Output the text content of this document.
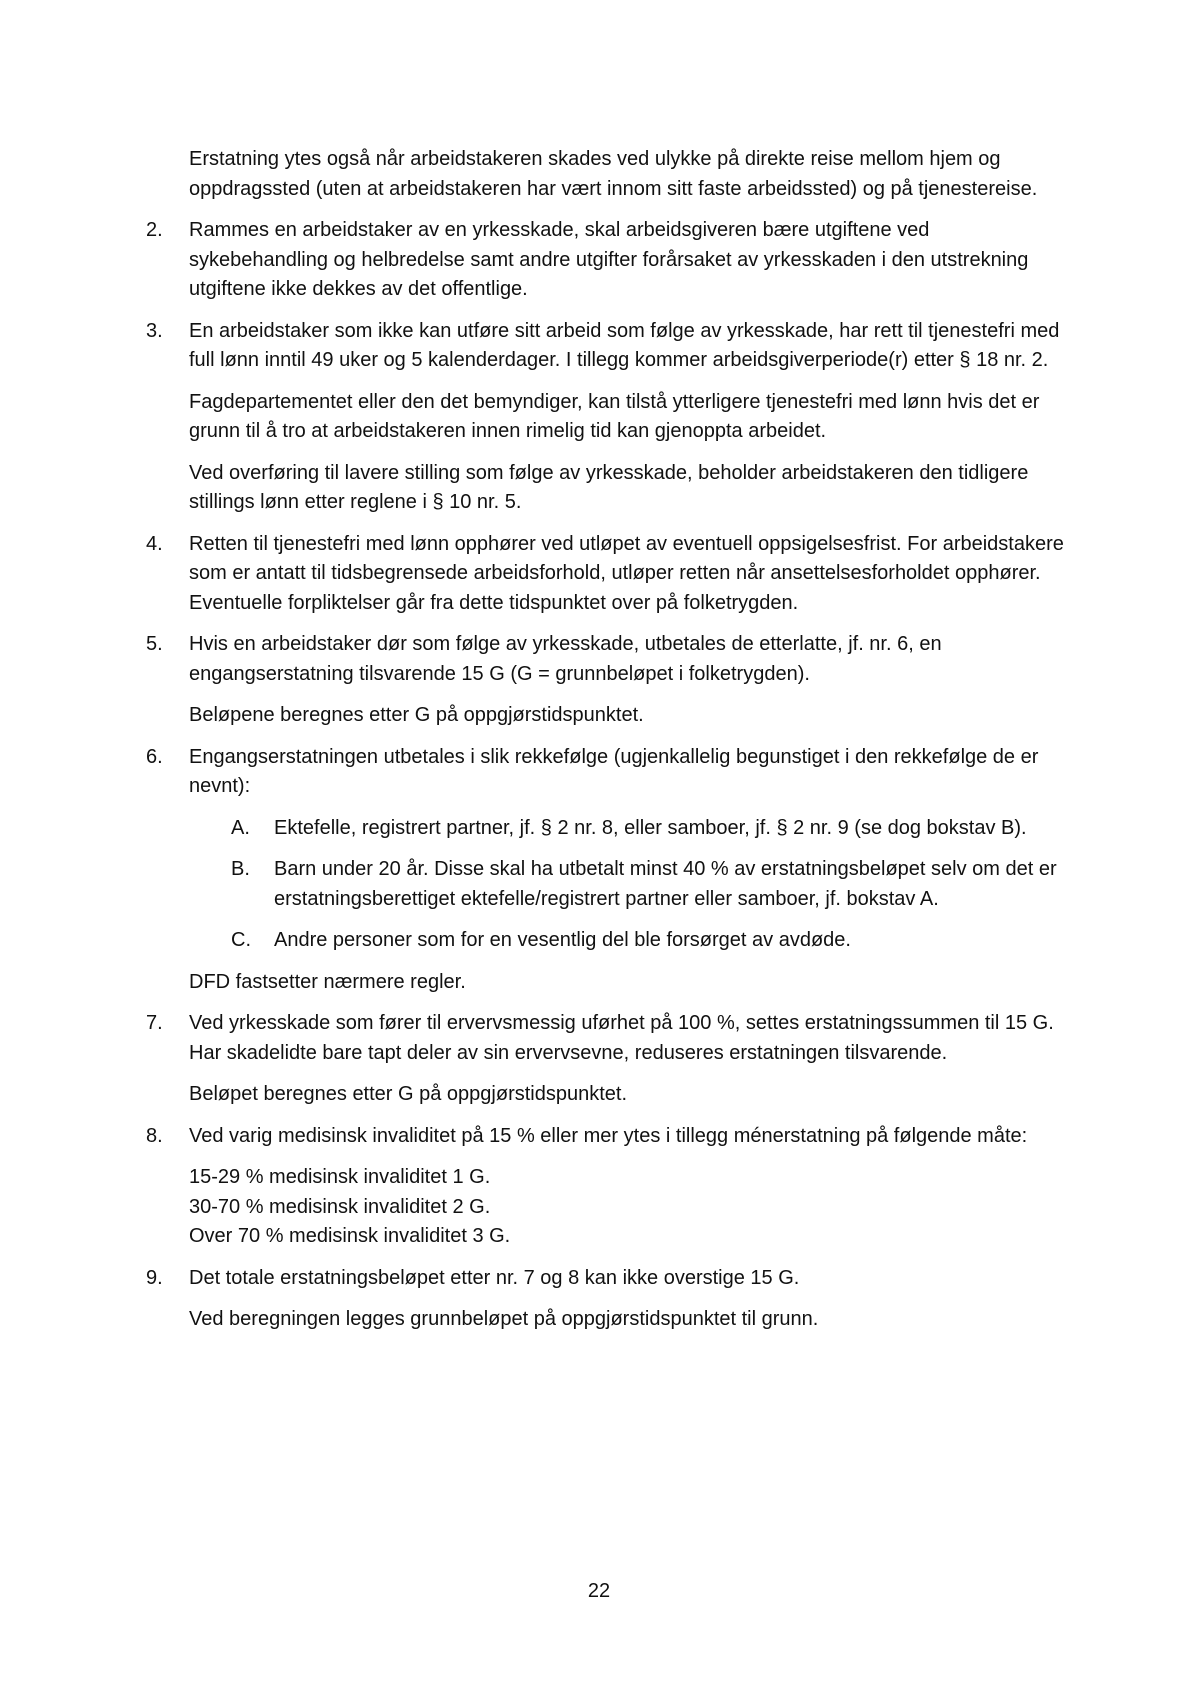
Erstatning ytes også når arbeidstakeren skades ved ulykke på direkte reise mellom hjem og oppdragssted (uten at arbeidstakeren har vært innom sitt faste arbeidssted) og på tjenestereise.
2.	Rammes en arbeidstaker av en yrkesskade, skal arbeidsgiveren bære utgiftene ved sykebehandling og helbredelse samt andre utgifter forårsaket av yrkesskaden i den utstrekning utgiftene ikke dekkes av det offentlige.
3.	En arbeidstaker som ikke kan utføre sitt arbeid som følge av yrkesskade, har rett til tjenestefri med full lønn inntil 49 uker og 5 kalenderdager. I tillegg kommer arbeidsgiverperiode(r) etter § 18 nr. 2.
Fagdepartementet eller den det bemyndiger, kan tilstå ytterligere tjenestefri med lønn hvis det er grunn til å tro at arbeidstakeren innen rimelig tid kan gjenoppta arbeidet.
Ved overføring til lavere stilling som følge av yrkesskade, beholder arbeidstakeren den tidligere stillings lønn etter reglene i § 10 nr. 5.
4.	Retten til tjenestefri med lønn opphører ved utløpet av eventuell oppsigelsesfrist. For arbeidstakere som er antatt til tidsbegrensede arbeidsforhold, utløper retten når ansettelsesforholdet opphører. Eventuelle forpliktelser går fra dette tidspunktet over på folketrygden.
5.	Hvis en arbeidstaker dør som følge av yrkesskade, utbetales de etterlatte, jf. nr. 6, en engangserstatning tilsvarende 15 G (G = grunnbeløpet i folketrygden).
Beløpene beregnes etter G på oppgjørstidspunktet.
6.	Engangserstatningen utbetales i slik rekkefølge (ugjenkallelig begunstiget i den rekkefølge de er nevnt):
A.	Ektefelle, registrert partner, jf. § 2 nr. 8, eller samboer, jf. § 2 nr. 9 (se dog bokstav B).
B.	Barn under 20 år. Disse skal ha utbetalt minst 40 % av erstatningsbeløpet selv om det er erstatningsberettiget ektefelle/registrert partner eller samboer, jf. bokstav A.
C.	Andre personer som for en vesentlig del ble forsørget av avdøde.
DFD fastsetter nærmere regler.
7.	Ved yrkesskade som fører til ervervsmessig uførhet på 100 %, settes erstatningssummen til 15 G. Har skadelidte bare tapt deler av sin ervervsevne, reduseres erstatningen tilsvarende.
Beløpet beregnes etter G på oppgjørstidspunktet.
8.	Ved varig medisinsk invaliditet på 15 % eller mer ytes i tillegg ménerstatning på følgende måte:
15-29 % medisinsk invaliditet 1 G.
30-70 % medisinsk invaliditet 2 G.
Over 70 % medisinsk invaliditet 3 G.
9.	Det totale erstatningsbeløpet etter nr. 7 og 8 kan ikke overstige 15 G.
Ved beregningen legges grunnbeløpet på oppgjørstidspunktet til grunn.
22
